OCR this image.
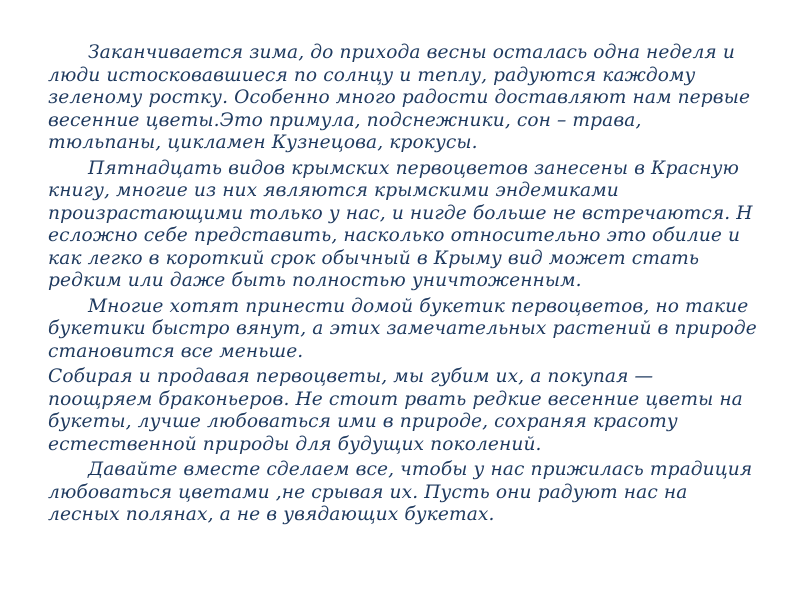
Заканчивается зима, до прихода весны осталась одна неделя и люди истосковавшиеся по солнцу и теплу, радуются каждому зеленому ростку. Особенно много радости доставляют нам первые весенние цветы.Это примула, подснежники, сон – трава, тюльпаны, цикламен Кузнецова, крокусы.

Пятнадцать видов крымских первоцветов занесены в Красную книгу, многие из них являются крымскими эндемиками произрастающими только у нас, и нигде больше не встречаются. Н есложно себе представить, насколько относительно это обилие и как легко в короткий срок обычный в Крыму вид может стать редким или даже быть полностью уничтоженным.

Многие хотят принести домой букетик первоцветов, но такие букетики быстро вянут, а этих замечательных растений в природе становится все меньше.

Собирая и продавая первоцветы, мы губим их, а покупая — поощряем браконьеров. Не стоит рвать редкие весенние цветы на букеты, лучше любоваться ими в природе, сохраняя красоту естественной природы для будущих поколений.

Давайте вместе сделаем все, чтобы у нас прижилась традиция любоваться цветами ,не срывая их. Пусть они радуют нас на лесных полянах, а не в увядающих букетах.
